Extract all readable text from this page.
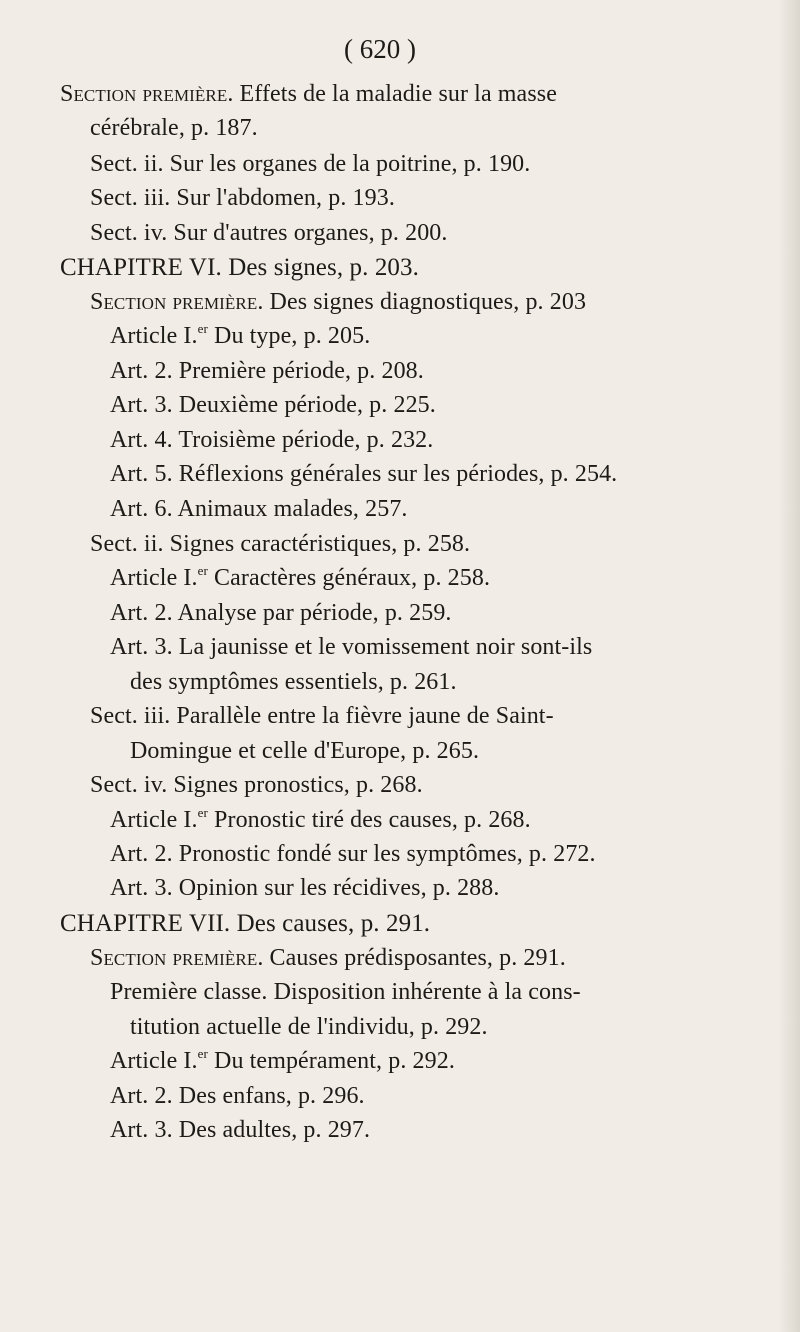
( 620 )
Section première. Effets de la maladie sur la masse
cérébrale, p. 187.
Sect. ii. Sur les organes de la poitrine, p. 190.
Sect. iii. Sur l'abdomen, p. 193.
Sect. iv. Sur d'autres organes, p. 200.
CHAPITRE VI. Des signes, p. 203.
Section première. Des signes diagnostiques, p. 203
Article I.$^{er}$ Du type, p. 205.
Art. 2. Première période, p. 208.
Art. 3. Deuxième période, p. 225.
Art. 4. Troisième période, p. 232.
Art. 5. Réflexions générales sur les périodes, p. 254.
Art. 6. Animaux malades, 257.
Sect. ii. Signes caractéristiques, p. 258.
Article I.$^{er}$ Caractères généraux, p. 258.
Art. 2. Analyse par période, p. 259.
Art. 3. La jaunisse et le vomissement noir sont-ils
des symptômes essentiels, p. 261.
Sect. iii. Parallèle entre la fièvre jaune de Saint-
Domingue et celle d'Europe, p. 265.
Sect. iv. Signes pronostics, p. 268.
Article I.$^{er}$ Pronostic tiré des causes, p. 268.
Art. 2. Pronostic fondé sur les symptômes, p. 272.
Art. 3. Opinion sur les récidives, p. 288.
CHAPITRE VII. Des causes, p. 291.
Section première. Causes prédisposantes, p. 291.
Première classe. Disposition inhérente à la cons-
titution actuelle de l'individu, p. 292.
Article I.$^{er}$ Du tempérament, p. 292.
Art. 2. Des enfans, p. 296.
Art. 3. Des adultes, p. 297.
